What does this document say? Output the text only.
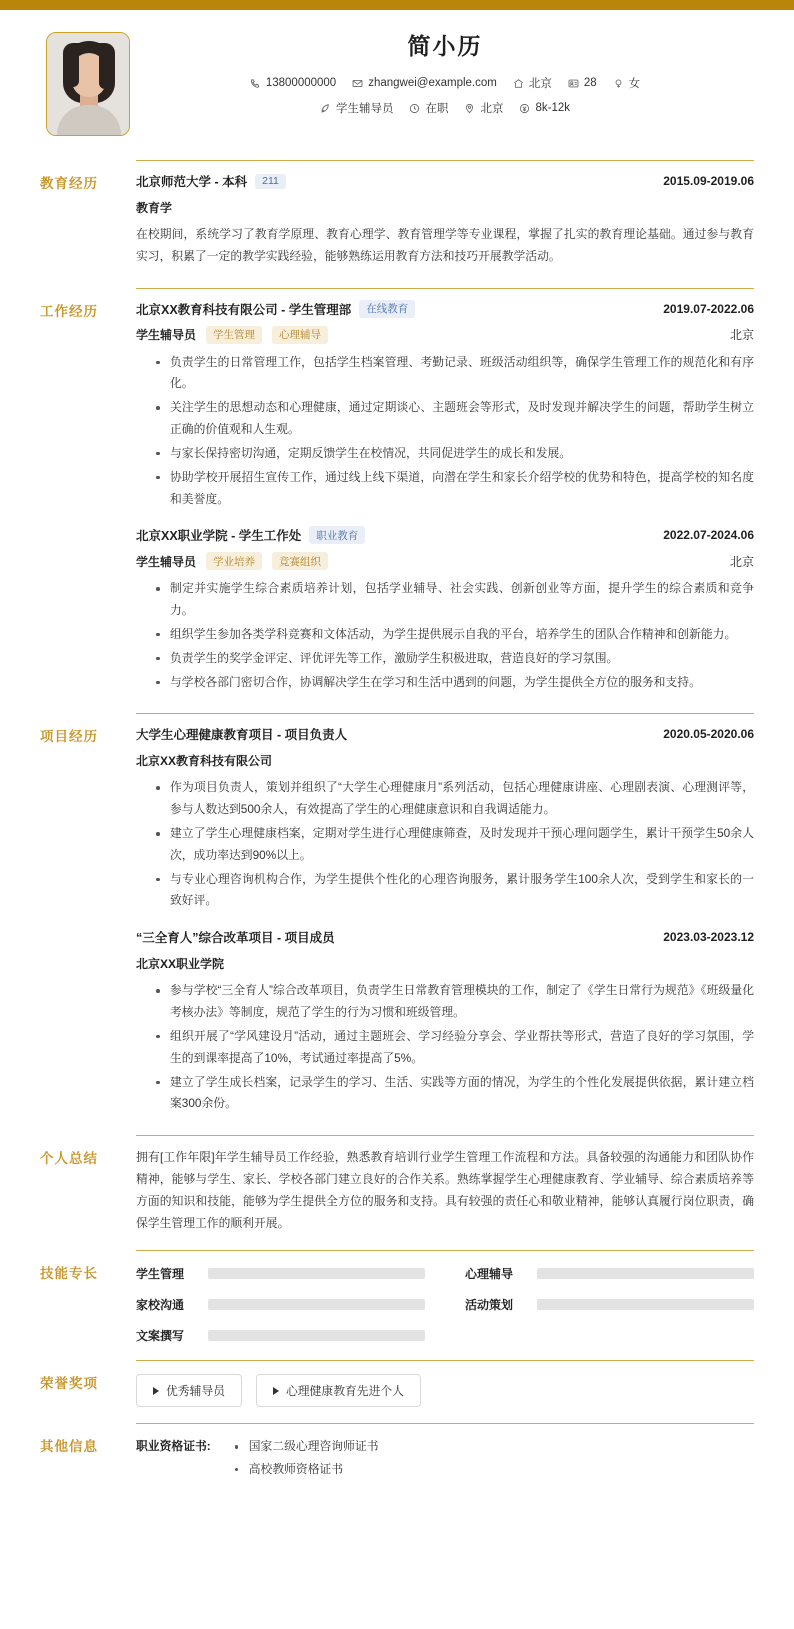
简小历
13800000000	zhangwei@example.com	北京	28	女
学生辅导员	在职	北京	8k-12k
教育经历	北京师范大学 - 本科	211	2015.09-2019.06
教育学
在校期间，系统学习了教育学原理、教育心理学、教育管理学等专业课程，掌握了扎实的教育理论基础。通过参与教育实习，积累了一定的教学实践经验，能够熟练运用教育方法和技巧开展教学活动。
工作经历	北京XX教育科技有限公司 - 学生管理部	在线教育	2019.07-2022.06
学生辅导员	学生管理	心理辅导	北京
负责学生的日常管理工作，包括学生档案管理、考勤记录、班级活动组织等，确保学生管理工作的规范化和有序化。
关注学生的思想动态和心理健康，通过定期谈心、主题班会等形式，及时发现并解决学生的问题，帮助学生树立正确的价值观和人生观。
与家长保持密切沟通，定期反馈学生在校情况，共同促进学生的成长和发展。
协助学校开展招生宣传工作，通过线上线下渠道，向潜在学生和家长介绍学校的优势和特色，提高学校的知名度和美誉度。
北京XX职业学院 - 学生工作处	职业教育	2022.07-2024.06
学生辅导员	学业培养	竞赛组织	北京
制定并实施学生综合素质培养计划，包括学业辅导、社会实践、创新创业等方面，提升学生的综合素质和竞争力。
组织学生参加各类学科竞赛和文体活动，为学生提供展示自我的平台，培养学生的团队合作精神和创新能力。
负责学生的奖学金评定、评优评先等工作，激励学生积极进取，营造良好的学习氛围。
与学校各部门密切合作，协调解决学生在学习和生活中遇到的问题，为学生提供全方位的服务和支持。
项目经历	大学生心理健康教育项目 - 项目负责人	2020.05-2020.06
北京XX教育科技有限公司
作为项目负责人，策划并组织了“大学生心理健康月”系列活动，包括心理健康讲座、心理剧表演、心理测评等，参与人数达到500余人，有效提高了学生的心理健康意识和自我调适能力。
建立了学生心理健康档案，定期对学生进行心理健康筛查，及时发现并干预心理问题学生，累计干预学生50余人次，成功率达到90%以上。
与专业心理咨询机构合作，为学生提供个性化的心理咨询服务，累计服务学生100余人次，受到学生和家长的一致好评。
“三全育人”综合改革项目 - 项目成员	2023.03-2023.12
北京XX职业学院
参与学校“三全育人”综合改革项目，负责学生日常教育管理模块的工作，制定了《学生日常行为规范》《班级量化考核办法》等制度，规范了学生的行为习惯和班级管理。
组织开展了“学风建设月”活动，通过主题班会、学习经验分享会、学业帮扶等形式，营造了良好的学习氛围，学生的到课率提高了10%，考试通过率提高了5%。
建立了学生成长档案，记录学生的学习、生活、实践等方面的情况，为学生的个性化发展提供依据，累计建立档案300余份。
个人总结	拥有[工作年限]年学生辅导员工作经验，熟悉教育培训行业学生管理工作流程和方法。具备较强的沟通能力和团队协作精神，能够与学生、家长、学校各部门建立良好的合作关系。熟练掌握学生心理健康教育、学业辅导、综合素质培养等方面的知识和技能，能够为学生提供全方位的服务和支持。具有较强的责任心和敬业精神，能够认真履行岗位职责，确保学生管理工作的顺利开展。
技能专长	学生管理	心理辅导
家校沟通	活动策划
文案撰写
荣誉奖项	优秀辅导员	心理健康教育先进个人
其他信息	职业资格证书:	国家二级心理咨询师证书
高校教师资格证书
